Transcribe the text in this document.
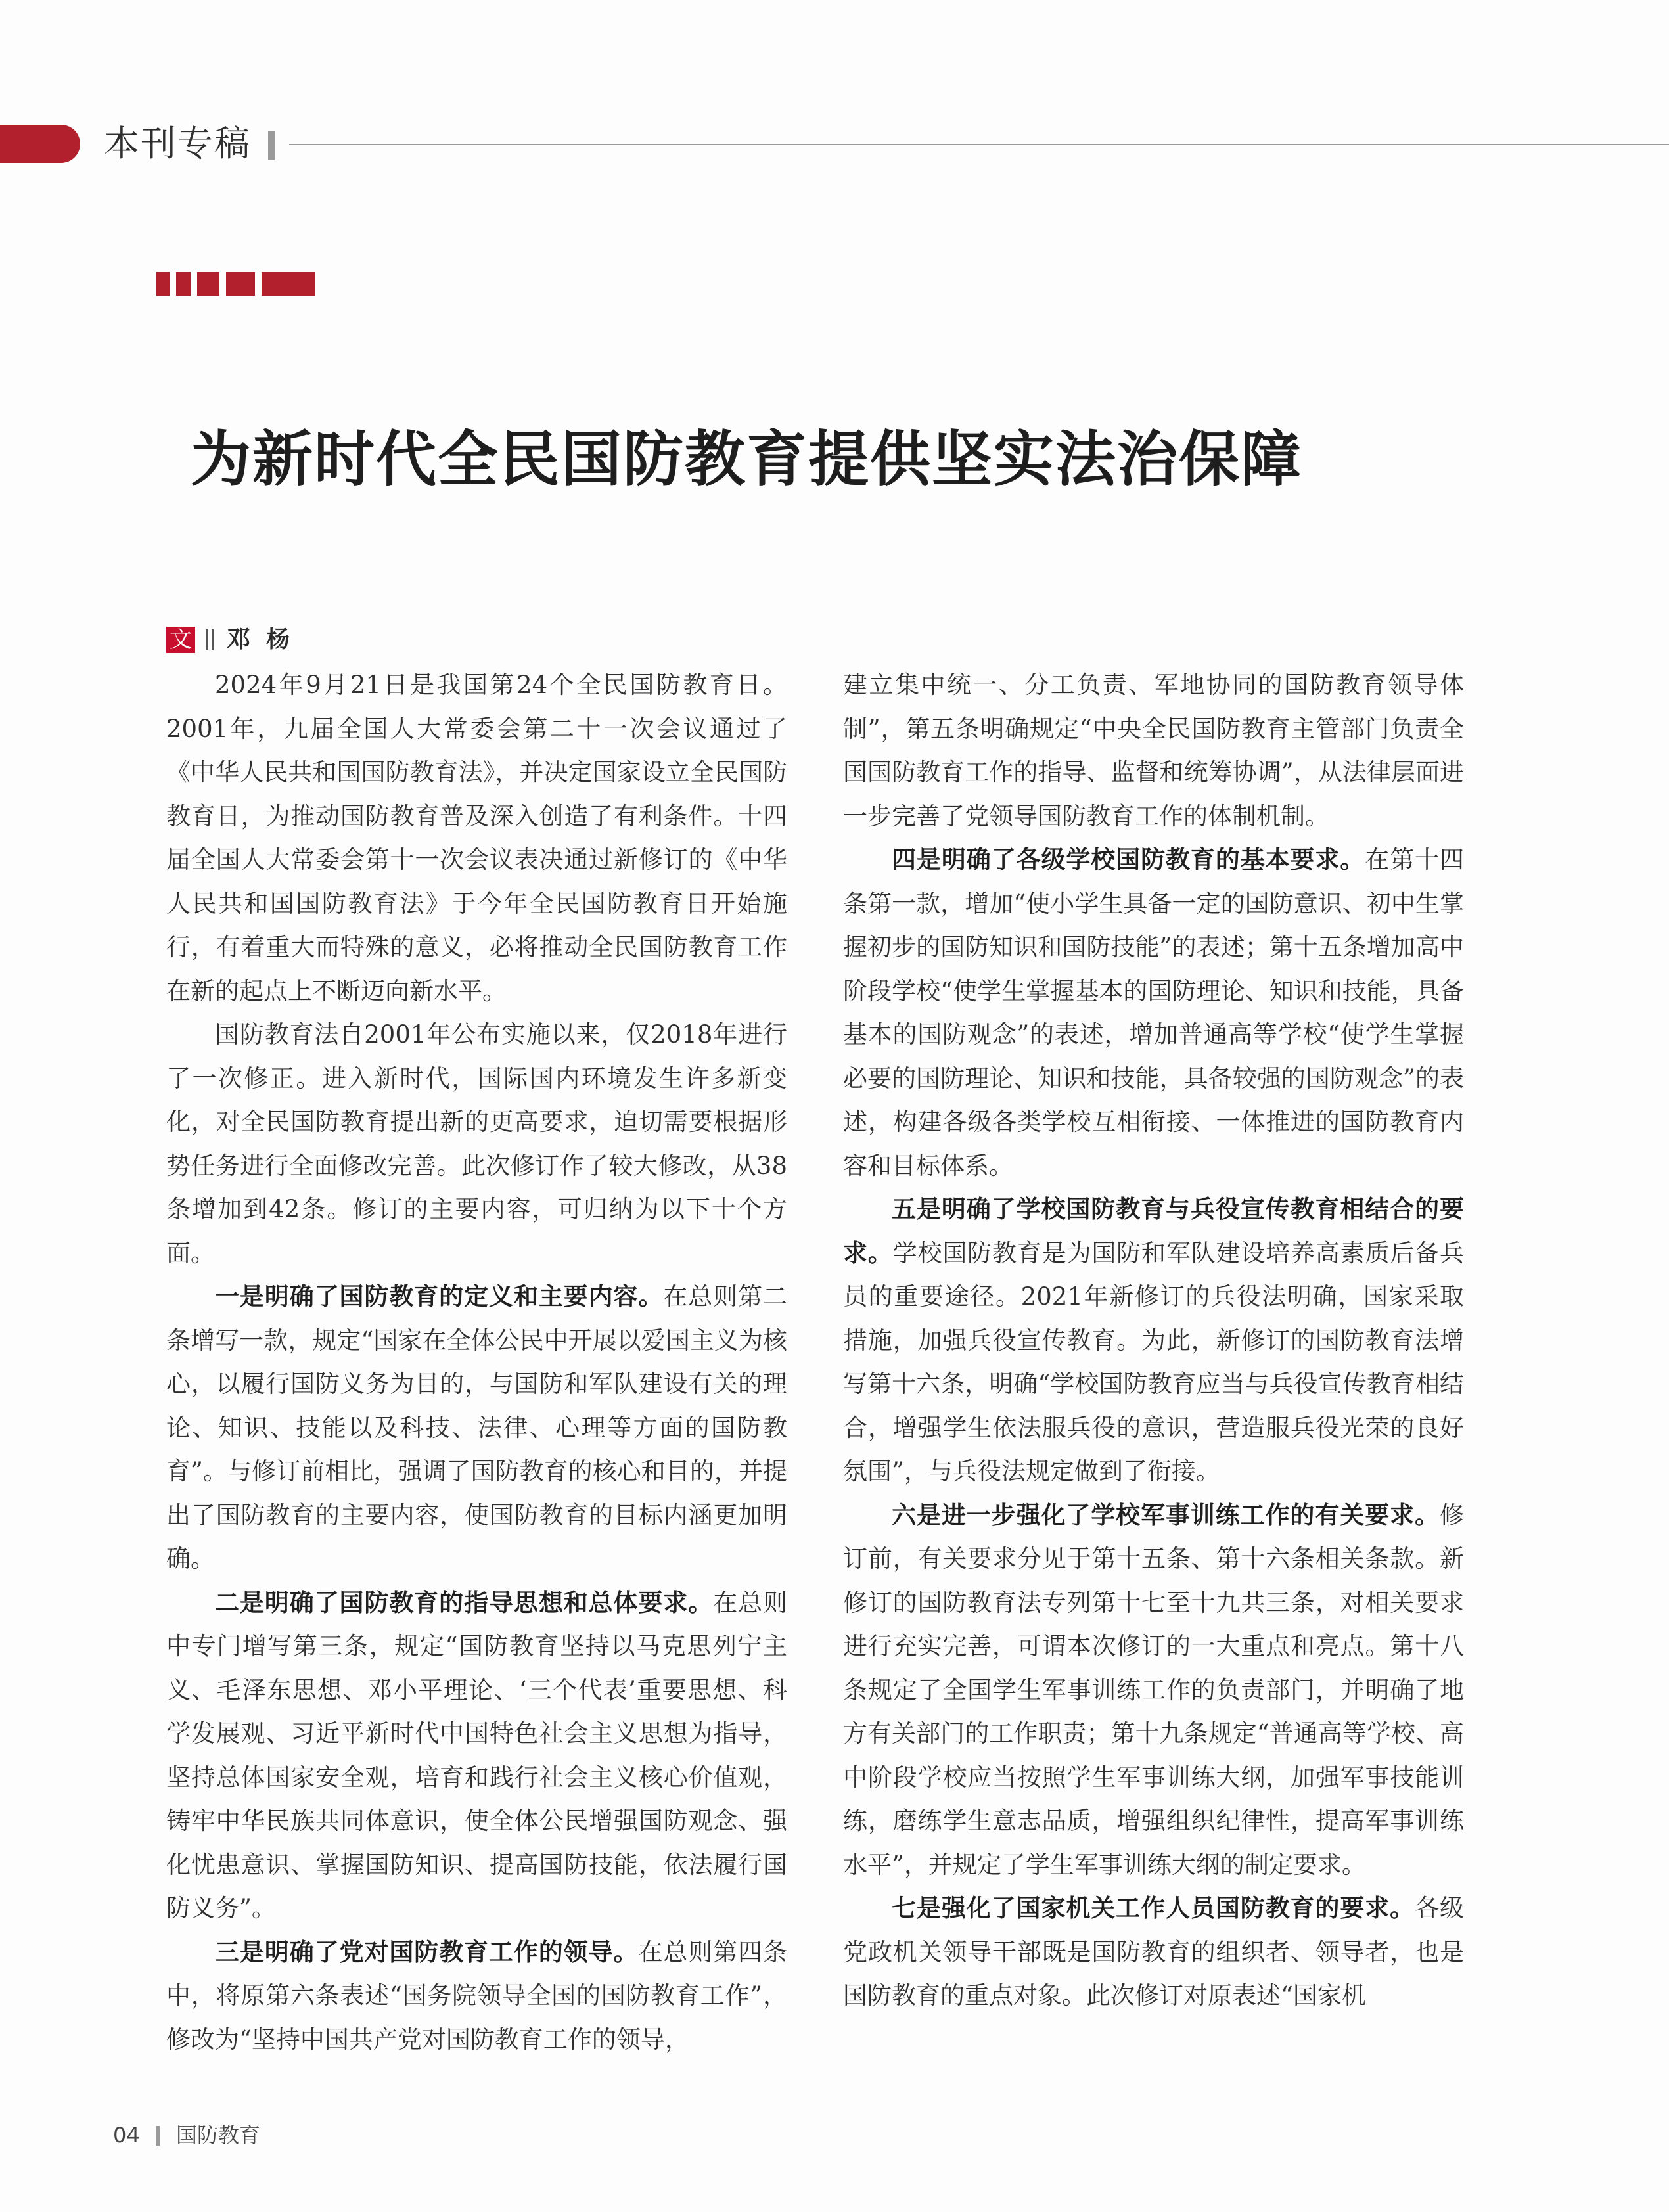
本刊专稿
为新时代全民国防教育提供坚实法治保障
文 邓杨

2024年9月21日是我国第24个全民国防教育日。2001年，九届全国人大常委会第二十一次会议通过了《中华人民共和国国防教育法》，并决定国家设立全民国防教育日，为推动国防教育普及深入创造了有利条件。十四届全国人大常委会第十一次会议表决通过新修订的《中华人民共和国国防教育法》于今年全民国防教育日开始施行，有着重大而特殊的意义，必将推动全民国防教育工作在新的起点上不断迈向新水平。

国防教育法自2001年公布实施以来，仅2018年进行了一次修正。进入新时代，国际国内环境发生许多新变化，对全民国防教育提出新的更高要求，迫切需要根据形势任务进行全面修改完善。此次修订作了较大修改，从38条增加到42条。修订的主要内容，可归纳为以下十个方面。

一是明确了国防教育的定义和主要内容。在总则第二条增写一款，规定“国家在全体公民中开展以爱国主义为核心，以履行国防义务为目的，与国防和军队建设有关的理论、知识、技能以及科技、法律、心理等方面的国防教育”。与修订前相比，强调了国防教育的核心和目的，并提出了国防教育的主要内容，使国防教育的目标内涵更加明确。

二是明确了国防教育的指导思想和总体要求。在总则中专门增写第三条，规定“国防教育坚持以马克思列宁主义、毛泽东思想、邓小平理论、‘三个代表’重要思想、科学发展观、习近平新时代中国特色社会主义思想为指导，坚持总体国家安全观，培育和践行社会主义核心价值观，铸牢中华民族共同体意识，使全体公民增强国防观念、强化忧患意识、掌握国防知识、提高国防技能，依法履行国防义务”。

三是明确了党对国防教育工作的领导。在总则第四条中，将原第六条表述“国务院领导全国的国防教育工作”，修改为“坚持中国共产党对国防教育工作的领导，

建立集中统一、分工负责、军地协同的国防教育领导体制”，第五条明确规定“中央全民国防教育主管部门负责全国国防教育工作的指导、监督和统筹协调”，从法律层面进一步完善了党领导国防教育工作的体制机制。

四是明确了各级学校国防教育的基本要求。在第十四条第一款，增加“使小学生具备一定的国防意识、初中生掌握初步的国防知识和国防技能”的表述；第十五条增加高中阶段学校“使学生掌握基本的国防理论、知识和技能，具备基本的国防观念”的表述，增加普通高等学校“使学生掌握必要的国防理论、知识和技能，具备较强的国防观念”的表述，构建各级各类学校互相衔接、一体推进的国防教育内容和目标体系。

五是明确了学校国防教育与兵役宣传教育相结合的要求。学校国防教育是为国防和军队建设培养高素质后备兵员的重要途径。2021年新修订的兵役法明确，国家采取措施，加强兵役宣传教育。为此，新修订的国防教育法增写第十六条，明确“学校国防教育应当与兵役宣传教育相结合，增强学生依法服兵役的意识，营造服兵役光荣的良好氛围”，与兵役法规定做到了衔接。

六是进一步强化了学校军事训练工作的有关要求。修订前，有关要求分见于第十五条、第十六条相关条款。新修订的国防教育法专列第十七至十九共三条，对相关要求进行充实完善，可谓本次修订的一大重点和亮点。第十八条规定了全国学生军事训练工作的负责部门，并明确了地方有关部门的工作职责；第十九条规定“普通高等学校、高中阶段学校应当按照学生军事训练大纲，加强军事技能训练，磨练学生意志品质，增强组织纪律性，提高军事训练水平”，并规定了学生军事训练大纲的制定要求。

七是强化了国家机关工作人员国防教育的要求。各级党政机关领导干部既是国防教育的组织者、领导者，也是国防教育的重点对象。此次修订对原表述“国家机

04 国防教育
